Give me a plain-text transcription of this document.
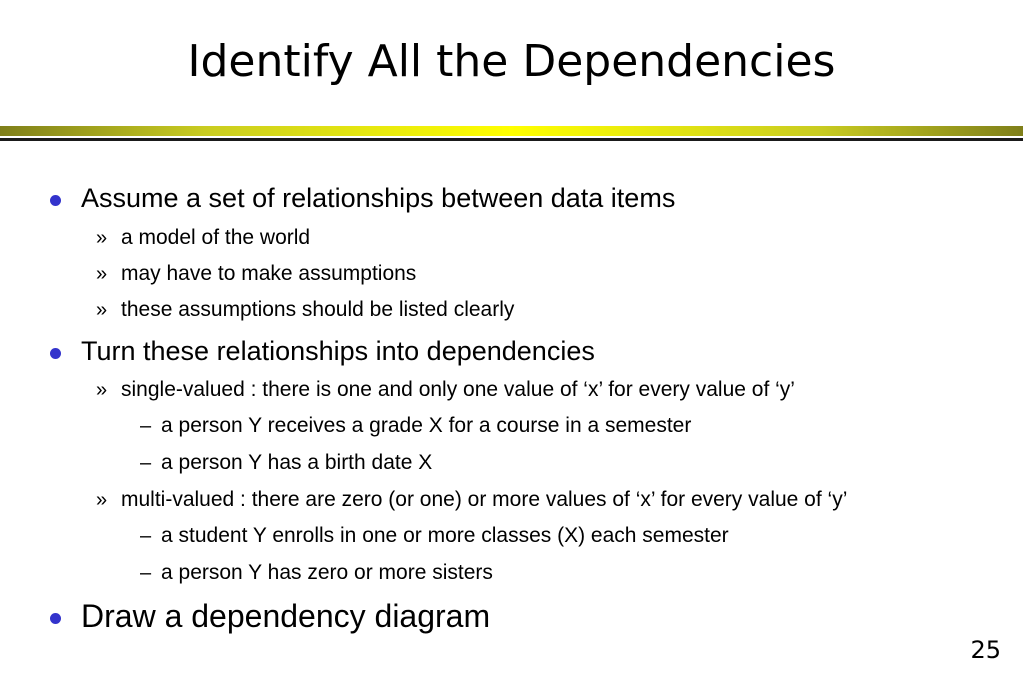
Identify All the Dependencies
Assume a set of relationships between data items
» a model of the world
» may have to make assumptions
» these assumptions should be listed clearly
Turn these relationships into dependencies
» single-valued : there is one and only one value of ‘x’ for every value of ‘y’
– a person Y receives a grade X for a course in a semester
– a person Y has a birth date X
» multi-valued : there are zero (or one) or more values of ‘x’ for every value of ‘y’
– a student Y enrolls in one or more classes (X) each semester
– a person Y has zero or more sisters
Draw a dependency diagram
25
